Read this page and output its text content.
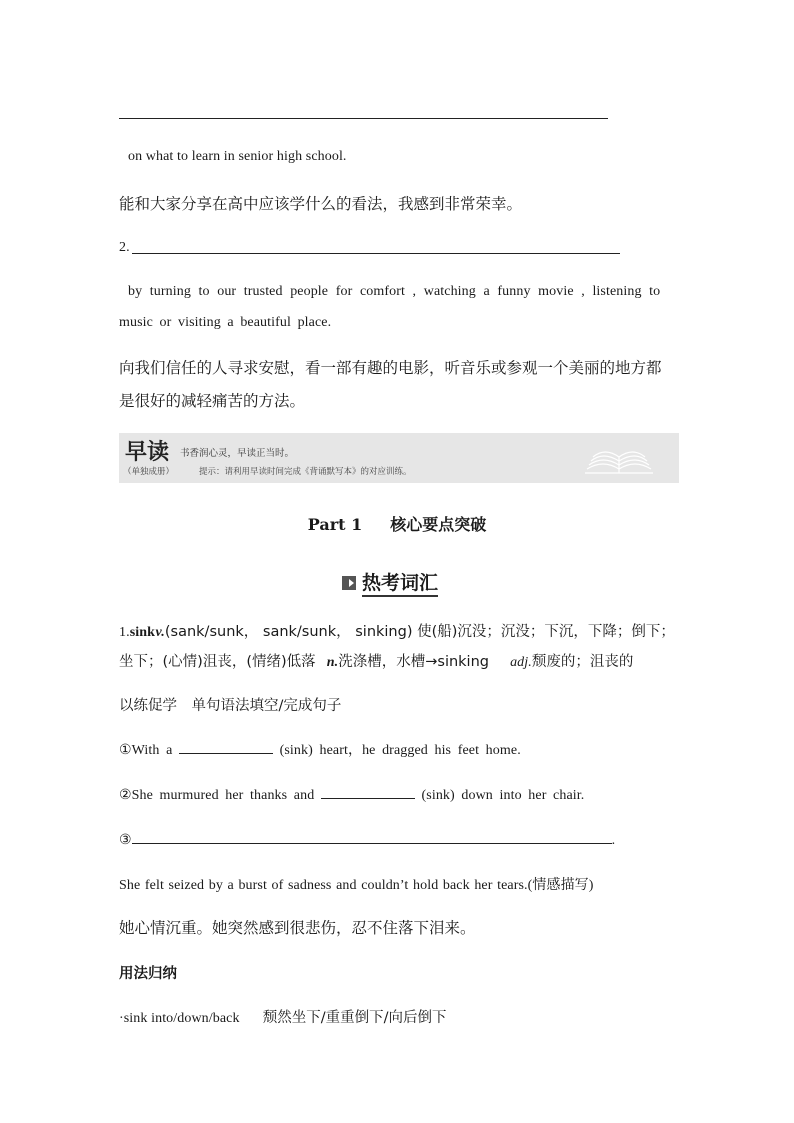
on what to learn in senior high school.
能和大家分享在高中应该学什么的看法，我感到非常荣幸。
2.
by turning to our trusted people for comfort , watching a funny movie , listening to
music or visiting a beautiful place.
向我们信任的人寻求安慰，看一部有趣的电影，听音乐或参观一个美丽的地方都
是很好的减轻痛苦的方法。
早读 书香润心灵，早读正当时。
（单独成册）	提示：请利用早读时间完成《背诵默写本》的对应训练。
Part 1 核心要点突破
热考词汇
1.sink v.(sank/sunk， sank/sunk， sinking) 使(船)沉没；沉没；下沉，下降；倒下；
坐下；(心情)沮丧，(情绪)低落 n.洗涤槽，水槽→sinking adj.颓废的；沮丧的
以练促学　单句语法填空/完成句子
①With a	(sink) heart，he dragged his feet home.
②She murmured her thanks and	(sink) down into her chair.
③	.
She felt seized by a burst of sadness and couldn’t hold back her tears.(情感描写)
她心情沉重。她突然感到很悲伤，忍不住落下泪来。
用法归纳
·sink into/down/back 颓然坐下/重重倒下/向后倒下
